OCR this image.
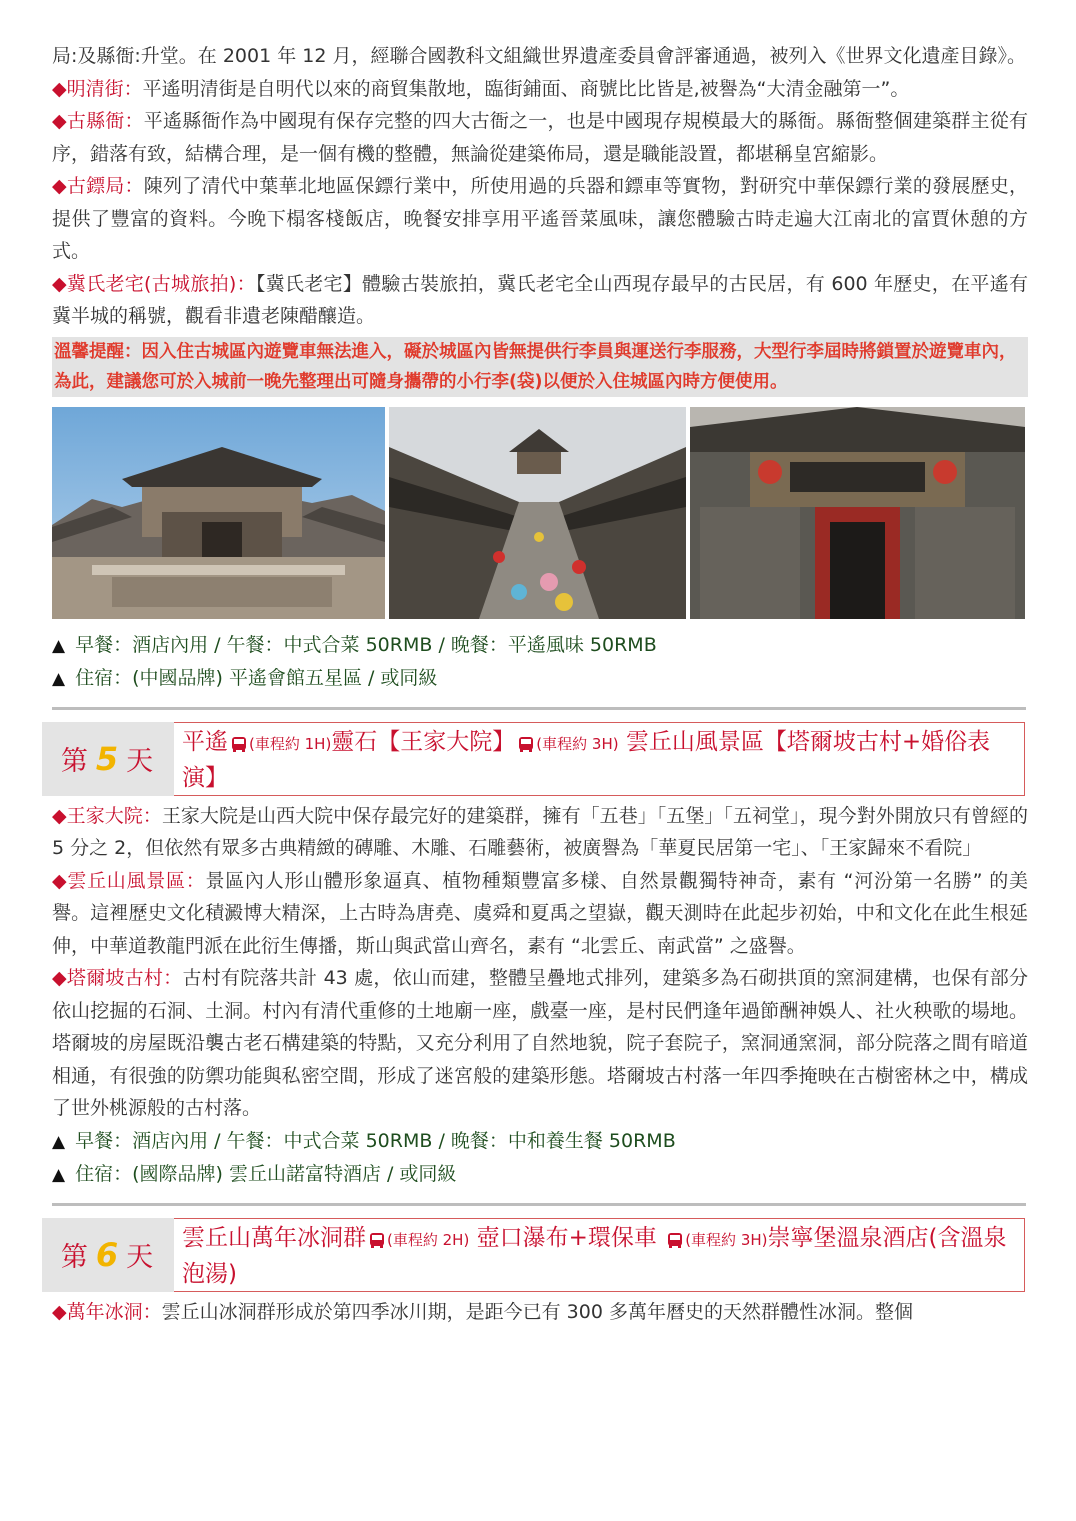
局:及縣衙:升堂。在 2001 年 12 月，經聯合國教科文組織世界遺產委員會評審通過，被列入《世界文化遺產目錄》。

◆明清街：平遙明清街是自明代以來的商貿集散地，臨街鋪面、商號比比皆是,被譽為“大清金融第一”。

◆古縣衙：平遙縣衙作為中國現有保存完整的四大古衙之一，也是中國現存規模最大的縣衙。縣衙整個建築群主從有序，錯落有致，結構合理，是一個有機的整體，無論從建築佈局，還是職能設置，都堪稱皇宮縮影。

◆古鏢局：陳列了清代中葉華北地區保鏢行業中，所使用過的兵器和鏢車等實物，對研究中華保鏢行業的發展歷史，提供了豐富的資料。今晚下榻客棧飯店，晚餐安排享用平遙晉菜風味，讓您體驗古時走遍大江南北的富賈休憩的方式。

◆冀氏老宅(古城旅拍)：【冀氏老宅】體驗古裝旅拍，冀氏老宅全山西現存最早的古民居，有 600 年歷史，在平遙有冀半城的稱號，觀看非遺老陳醋釀造。

溫馨提醒：因入住古城區內遊覽車無法進入，礙於城區內皆無提供行李員與運送行李服務，大型行李屆時將鎖置於遊覽車內，為此，建議您可於入城前一晚先整理出可隨身攜帶的小行李(袋)以便於入住城區內時方便使用。

▲ 早餐：酒店內用 / 午餐：中式合菜 50RMB / 晚餐：平遙風味 50RMB

▲ 住宿：(中國品牌) 平遙會館五星區 / 或同級

第 5 天
平遙 (車程約 1H)靈石【王家大院】 (車程約 3H) 雲丘山風景區【塔爾坡古村+婚俗表演】

◆王家大院：王家大院是山西大院中保存最完好的建築群，擁有「五巷」「五堡」「五祠堂」，現今對外開放只有曾經的 5 分之 2，但依然有眾多古典精緻的磚雕、木雕、石雕藝術，被廣譽為「華夏民居第一宅」、「王家歸來不看院」

◆雲丘山風景區：景區內人形山體形象逼真、植物種類豐富多樣、自然景觀獨特神奇，素有 “河汾第一名勝” 的美譽。這裡歷史文化積澱博大精深，上古時為唐堯、虞舜和夏禹之望嶽，觀天測時在此起步初始，中和文化在此生根延伸，中華道教龍門派在此衍生傳播，斯山與武當山齊名，素有 “北雲丘、南武當” 之盛譽。

◆塔爾坡古村：古村有院落共計 43 處，依山而建，整體呈疊地式排列，建築多為石砌拱頂的窯洞建構，也保有部分依山挖掘的石洞、土洞。村內有清代重修的土地廟一座，戲臺一座，是村民們逢年過節酬神娛人、社火秧歌的場地。塔爾坡的房屋既沿襲古老石構建築的特點，又充分利用了自然地貌，院子套院子，窯洞通窯洞，部分院落之間有暗道相通，有很強的防禦功能與私密空間，形成了迷宮般的建築形態。塔爾坡古村落一年四季掩映在古樹密林之中，構成了世外桃源般的古村落。

▲ 早餐：酒店內用 / 午餐：中式合菜 50RMB / 晚餐：中和養生餐 50RMB

▲ 住宿：(國際品牌) 雲丘山諾富特酒店 / 或同級

第 6 天
雲丘山萬年冰洞群 (車程約 2H) 壺口瀑布+環保車 (車程約 3H)崇寧堡溫泉酒店(含溫泉泡湯)

◆萬年冰洞：雲丘山冰洞群形成於第四季冰川期，是距今已有 300 多萬年曆史的天然群體性冰洞。整個
